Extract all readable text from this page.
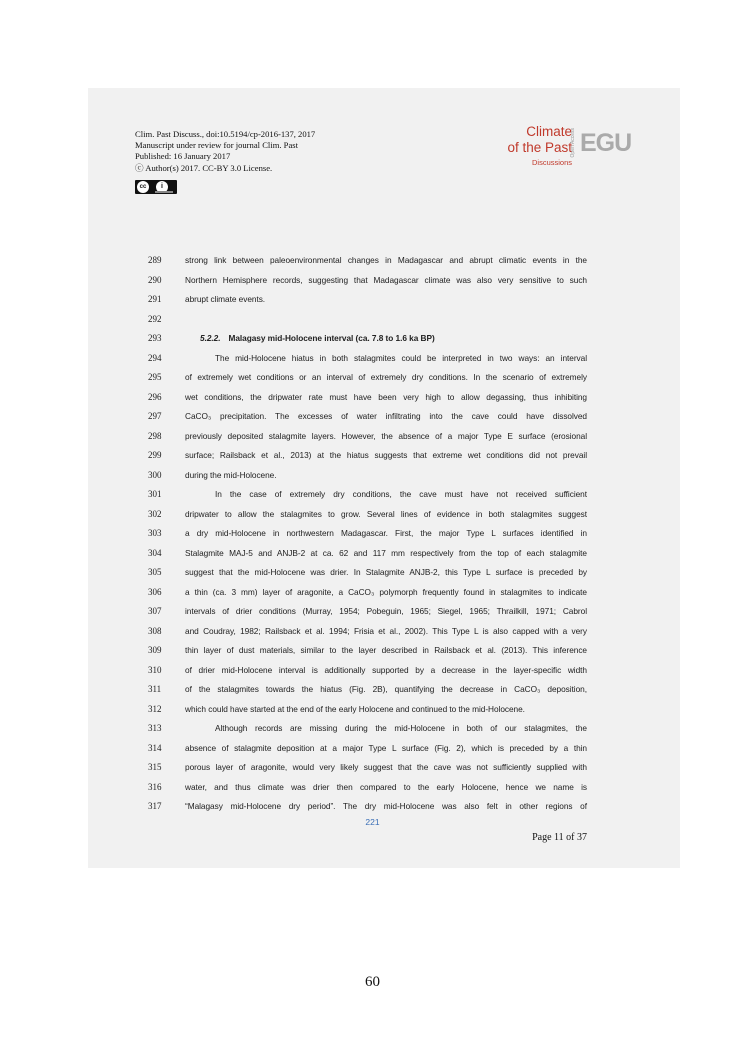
Clim. Past Discuss., doi:10.5194/cp-2016-137, 2017
Manuscript under review for journal Clim. Past
Published: 16 January 2017
ⓒ Author(s) 2017. CC-BY 3.0 License.
cc	i
Climate
of the Past
Discussions
Open Access EGU
289	strong link between paleoenvironmental changes in Madagascar and abrupt climatic events in the
290	Northern Hemisphere records, suggesting that Madagascar climate was also very sensitive to such
291	abrupt climate events.
292
293	5.2.2. Malagasy mid-Holocene interval (ca. 7.8 to 1.6 ka BP)
294	The mid-Holocene hiatus in both stalagmites could be interpreted in two ways: an interval
295	of extremely wet conditions or an interval of extremely dry conditions. In the scenario of extremely
296	wet conditions, the dripwater rate must have been very high to allow degassing, thus inhibiting
297	CaCO₃ precipitation. The excesses of water infiltrating into the cave could have dissolved
298	previously deposited stalagmite layers. However, the absence of a major Type E surface (erosional
299	surface; Railsback et al., 2013) at the hiatus suggests that extreme wet conditions did not prevail
300	during the mid-Holocene.
301	In the case of extremely dry conditions, the cave must have not received sufficient
302	dripwater to allow the stalagmites to grow. Several lines of evidence in both stalagmites suggest
303	a dry mid-Holocene in northwestern Madagascar. First, the major Type L surfaces identified in
304	Stalagmite MAJ-5 and ANJB-2 at ca. 62 and 117 mm respectively from the top of each stalagmite
305	suggest that the mid-Holocene was drier. In Stalagmite ANJB-2, this Type L surface is preceded by
306	a thin (ca. 3 mm) layer of aragonite, a CaCO₃ polymorph frequently found in stalagmites to indicate
307	intervals of drier conditions (Murray, 1954; Pobeguin, 1965; Siegel, 1965; Thrailkill, 1971; Cabrol
308	and Coudray, 1982; Railsback et al. 1994; Frisia et al., 2002). This Type L is also capped with a very
309	thin layer of dust materials, similar to the layer described in Railsback et al. (2013). This inference
310	of drier mid-Holocene interval is additionally supported by a decrease in the layer-specific width
311	of the stalagmites towards the hiatus (Fig. 2B), quantifying the decrease in CaCO₃ deposition,
312	which could have started at the end of the early Holocene and continued to the mid-Holocene.
313	Although records are missing during the mid-Holocene in both of our stalagmites, the
314	absence of stalagmite deposition at a major Type L surface (Fig. 2), which is preceded by a thin
315	porous layer of aragonite, would very likely suggest that the cave was not sufficiently supplied with
316	water, and thus climate was drier then compared to the early Holocene, hence we name is
317	“Malagasy mid-Holocene dry period”. The dry mid-Holocene was also felt in other regions of
221
Page 11 of 37
60
